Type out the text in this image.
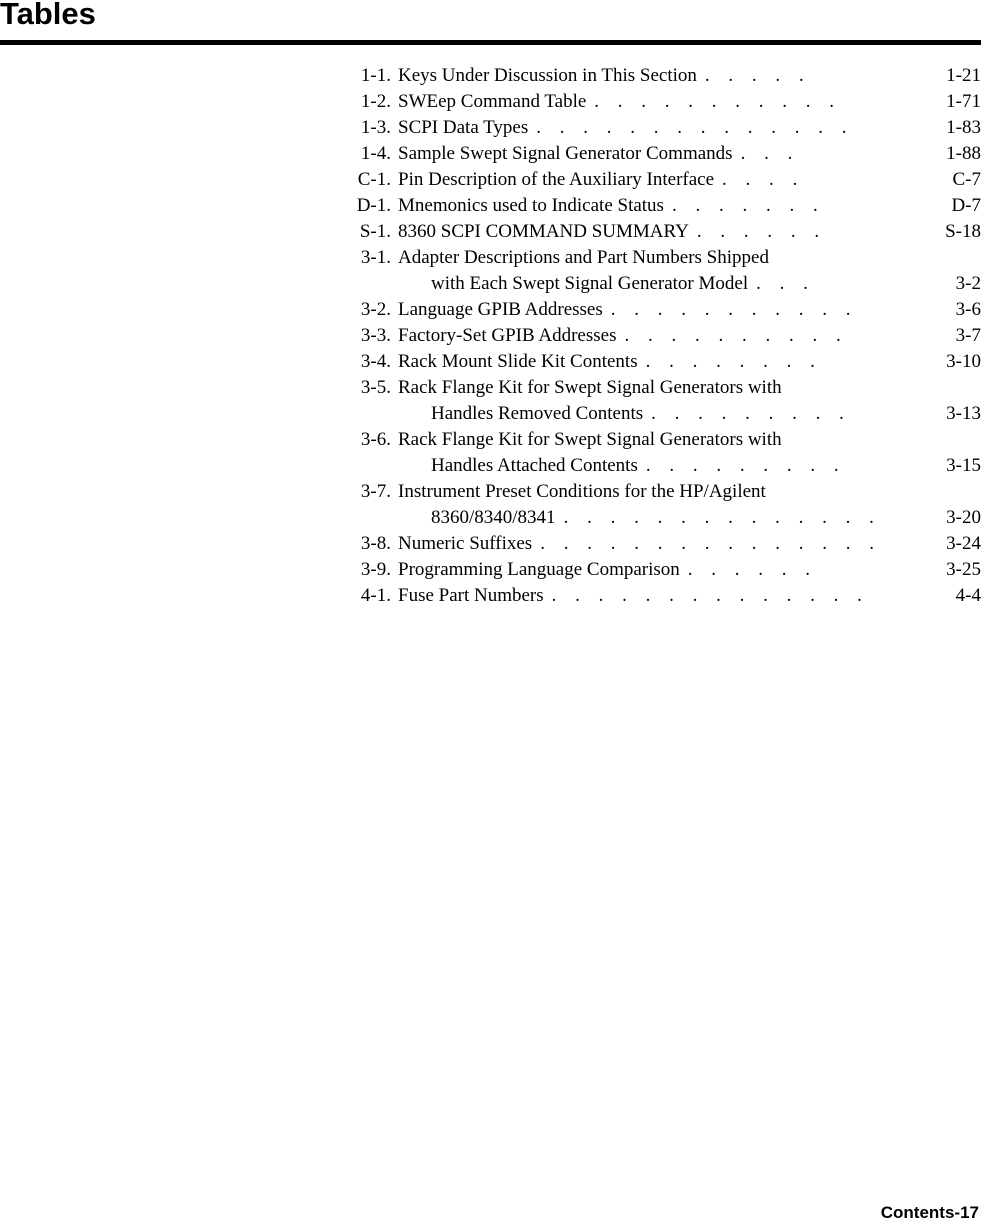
Tables
1-1. Keys Under Discussion in This Section . . . . .	1-21
1-2. SWEep Command Table . . . . . . . . . . .	1-71
1-3. SCPI Data Types . . . . . . . . . . . . . .	1-83
1-4. Sample Swept Signal Generator Commands . . .	1-88
C-1. Pin Description of the Auxiliary Interface . . . .	C-7
D-1. Mnemonics used to Indicate Status . . . . . . .	D-7
S-1. 8360 SCPI COMMAND SUMMARY . . . . . .	S-18
3-1. Adapter Descriptions and Part Numbers Shipped
with Each Swept Signal Generator Model . . .	3-2
3-2. Language GPIB Addresses . . . . . . . . . . .	3-6
3-3. Factory-Set GPIB Addresses . . . . . . . . . .	3-7
3-4. Rack Mount Slide Kit Contents . . . . . . . .	3-10
3-5. Rack Flange Kit for Swept Signal Generators with
Handles Removed Contents . . . . . . . . .	3-13
3-6. Rack Flange Kit for Swept Signal Generators with
Handles Attached Contents . . . . . . . . .	3-15
3-7. Instrument Preset Conditions for the HP/Agilent
8360/8340/8341 . . . . . . . . . . . . . .	3-20
3-8. Numeric Suffixes . . . . . . . . . . . . . . .	3-24
3-9. Programming Language Comparison . . . . . .	3-25
4-1. Fuse Part Numbers . . . . . . . . . . . . . .	4-4
Contents-17
